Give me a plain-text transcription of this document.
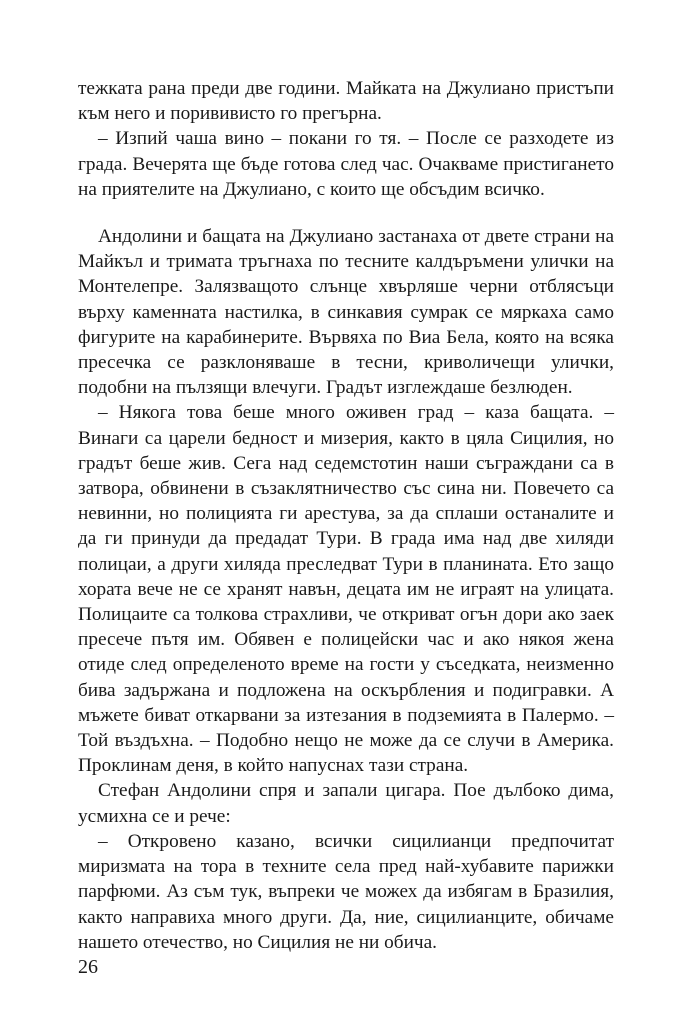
тежката рана преди две години. Майката на Джулиано пристъпи към него и порививисто го прегърна.

– Изпий чаша вино – покани го тя. – После се разходете из града. Вечерята ще бъде готова след час. Очакваме пристигането на приятелите на Джулиано, с които ще обсъдим всичко.

Андолини и бащата на Джулиано застанаха от двете страни на Майкъл и тримата тръгнаха по тесните калдъръмени улички на Монтелепре. Залязващото слънце хвърляше черни отблясъци върху каменната настилка, в синкавия сумрак се мяркаха само фигурите на карабинерите. Вървяха по Виа Бела, която на всяка пресечка се разклоняваше в тесни, криволичещи улички, подобни на пълзящи влечуги. Градът изглеждаше безлюден.

– Някога това беше много оживен град – каза бащата. – Винаги са царели бедност и мизерия, както в цяла Сицилия, но градът беше жив. Сега над седемстотин наши съграждани са в затвора, обвинени в съзаклятничество със сина ни. Повечето са невинни, но полицията ги арестува, за да сплаши останалите и да ги принуди да предадат Тури. В града има над две хиляди полицаи, а други хиляда преследват Тури в планината. Ето защо хората вече не се хранят навън, децата им не играят на улицата. Полицаите са толкова страхливи, че откриват огън дори ако заек пресече пътя им. Обявен е полицейски час и ако някоя жена отиде след определеното време на гости у съседката, неизменно бива задържана и подложена на оскърбления и подигравки. А мъжете биват откарвани за изтезания в подземията в Палермо. – Той въздъхна. – Подобно нещо не може да се случи в Америка. Проклинам деня, в който напуснах тази страна.

Стефан Андолини спря и запали цигара. Пое дълбоко дима, усмихна се и рече:

– Откровено казано, всички сицилианци предпочитат миризмата на тора в техните села пред най-хубавите парижки парфюми. Аз съм тук, въпреки че можех да избягам в Бразилия, както направиха много други. Да, ние, сицилианците, обичаме нашето отечество, но Сицилия не ни обича.

26
